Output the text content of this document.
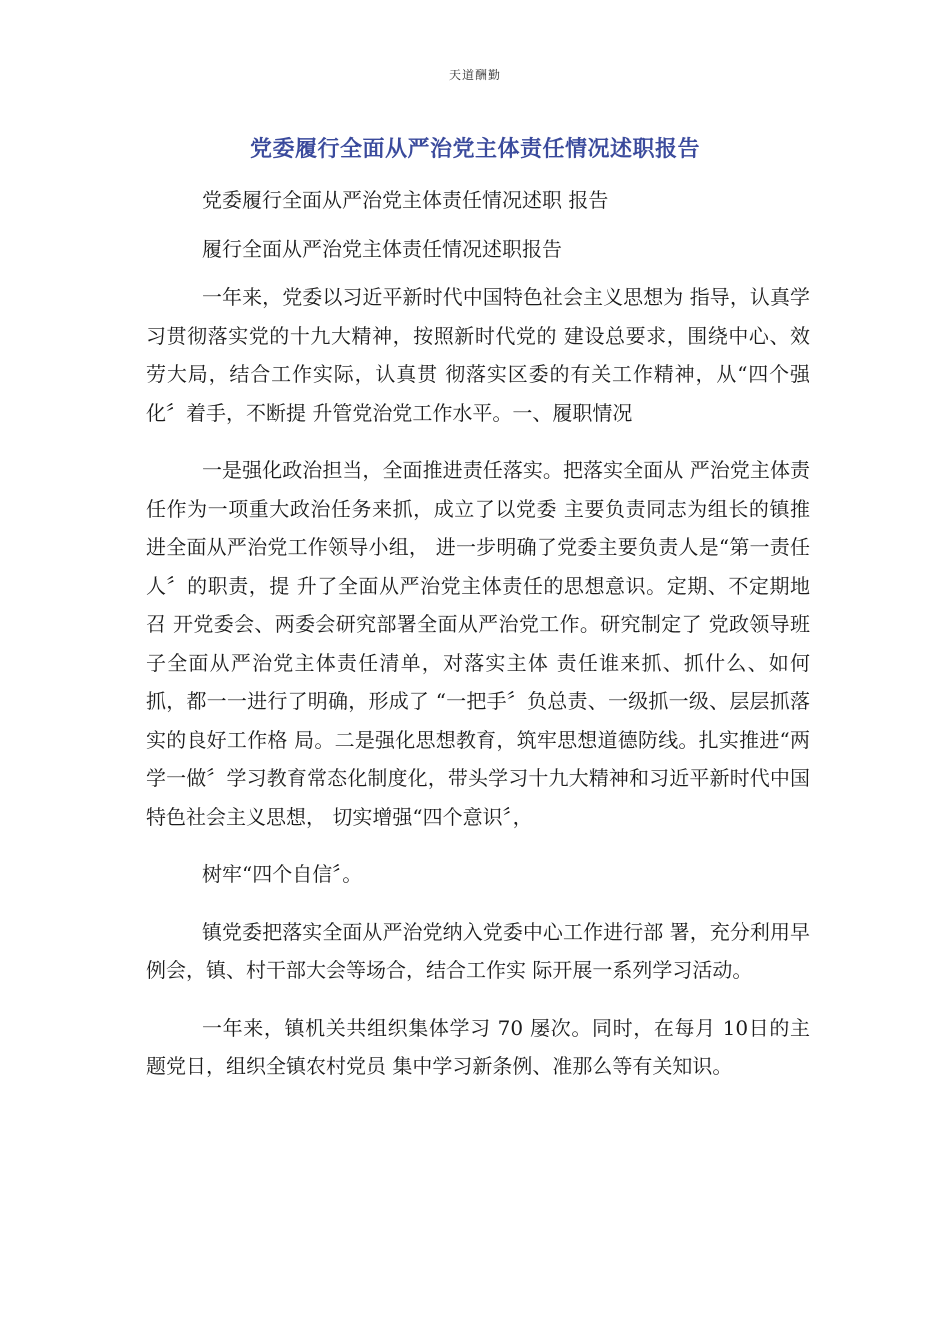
天道酬勤
党委履行全面从严治党主体责任情况述职报告

党委履行全面从严治党主体责任情况述职 报告

履行全面从严治党主体责任情况述职报告

一年来，党委以习近平新时代中国特色社会主义思想为 指导，认真学习贯彻落实党的十九大精神，按照新时代党的 建设总要求，围绕中心、效劳大局，结合工作实际，认真贯 彻落实区委的有关工作精神，从“四个强化〞着手，不断提 升管党治党工作水平。一、履职情况

一是强化政治担当，全面推进责任落实。把落实全面从 严治党主体责任作为一项重大政治任务来抓，成立了以党委 主要负责同志为组长的镇推进全面从严治党工作领导小组， 进一步明确了党委主要负责人是“第一责任人〞的职责，提 升了全面从严治党主体责任的思想意识。定期、不定期地召 开党委会、两委会研究部署全面从严治党工作。研究制定了 党政领导班子全面从严治党主体责任清单，对落实主体 责任谁来抓、抓什么、如何抓，都一一进行了明确，形成了 “一把手〞负总责、一级抓一级、层层抓落实的良好工作格 局。二是强化思想教育，筑牢思想道德防线。扎实推进“两 学一做〞学习教育常态化制度化，带头学习十九大精神和习近平新时代中国特色社会主义思想， 切实增强“四个意识〞，

树牢“四个自信〞。

镇党委把落实全面从严治党纳入党委中心工作进行部 署，充分利用早例会，镇、村干部大会等场合，结合工作实 际开展一系列学习活动。

一年来，镇机关共组织集体学习 70 屡次。同时，在每月 10日的主题党日，组织全镇农村党员 集中学习新条例、准那么等有关知识。
